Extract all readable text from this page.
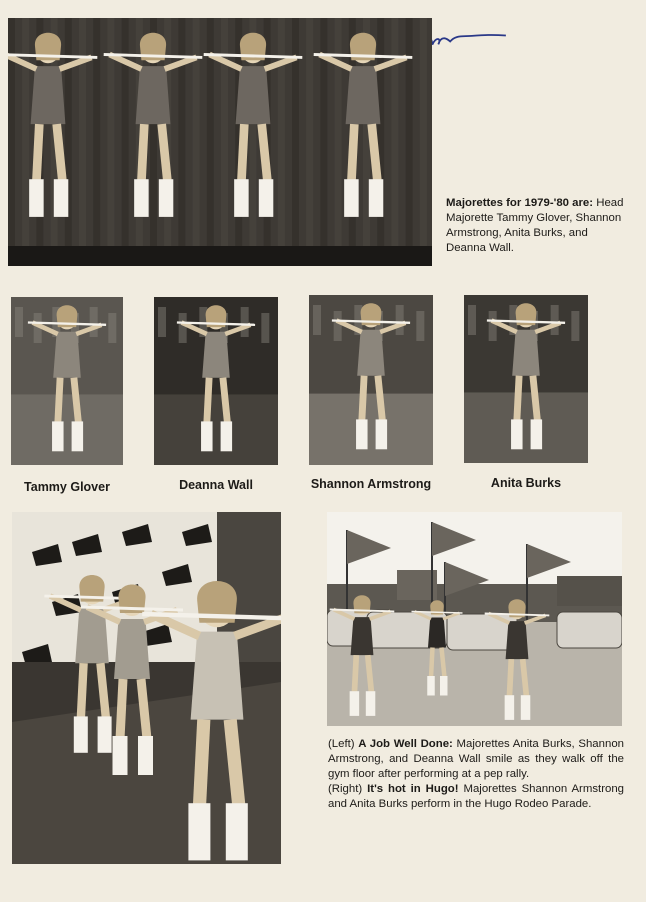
Majorettes for 1979-'80 are: Head Majorette Tammy Glover, Shannon Armstrong, Anita Burks, and Deanna Wall.
Tammy Glover	Deanna Wall	Shannon Armstrong	Anita Burks
(Left) A Job Well Done: Majorettes Anita Burks, Shannon Armstrong, and Deanna Wall smile as they walk off the gym floor after performing at a pep rally.
(Right) It's hot in Hugo! Majorettes Shannon Armstrong and Anita Burks perform in the Hugo Rodeo Parade.
